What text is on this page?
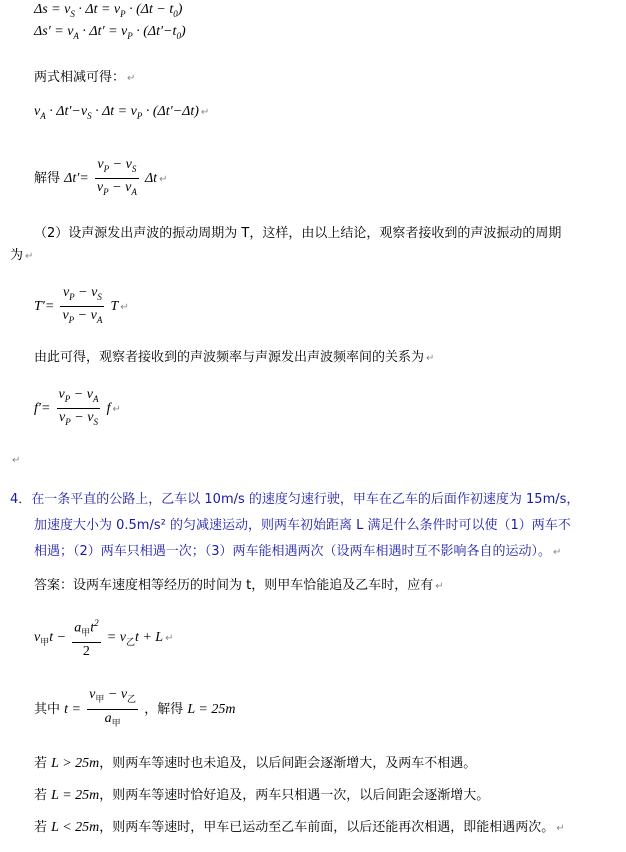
$\Delta s = v_S \cdot \Delta t = v_P \cdot (\Delta t - t_0)$
$\Delta s' = v_A \cdot \Delta t' = v_P \cdot (\Delta t'-t_0)$
两式相减可得： ↵
$v_A \cdot \Delta t'-v_S \cdot \Delta t = v_P \cdot (\Delta t'-\Delta t)$ ↵
解得 $\Delta t'= \frac{v_P - v_S}{v_P - v_A}$ Δt ↵
（2）设声源发出声波的振动周期为 T，这样，由以上结论，观察者接收到的声波振动的周期
为 ↵
$T'= \frac{v_P - v_S}{v_P - v_A}$ T ↵
由此可得，观察者接收到的声波频率与声源发出声波频率间的关系为 ↵
$f'= \frac{v_P - v_A}{v_P - v_S}$ f ↵
↵
4．在一条平直的公路上，乙车以 10m/s 的速度匀速行驶，甲车在乙车的后面作初速度为 15m/s，
加速度大小为 0.5m/s² 的匀减速运动，则两车初始距离 L 满足什么条件时可以使（1）两车不
相遇；（2）两车只相遇一次；（3）两车能相遇两次（设两车相遇时互不影响各自的运动）。 ↵
答案：设两车速度相等经历的时间为 t，则甲车恰能追及乙车时，应有 ↵
$v_甲t - \frac{a_甲t^2}{2} = v_乙t + L$ ↵
其中 $t = \frac{v_甲 - v_乙}{a_甲}$ ，解得 L = 25m
若 L > 25m，则两车等速时也未追及，以后间距会逐渐增大，及两车不相遇。
若 L = 25m，则两车等速时恰好追及，两车只相遇一次，以后间距会逐渐增大。
若 L < 25m，则两车等速时，甲车已运动至乙车前面，以后还能再次相遇，即能相遇两次。 ↵
